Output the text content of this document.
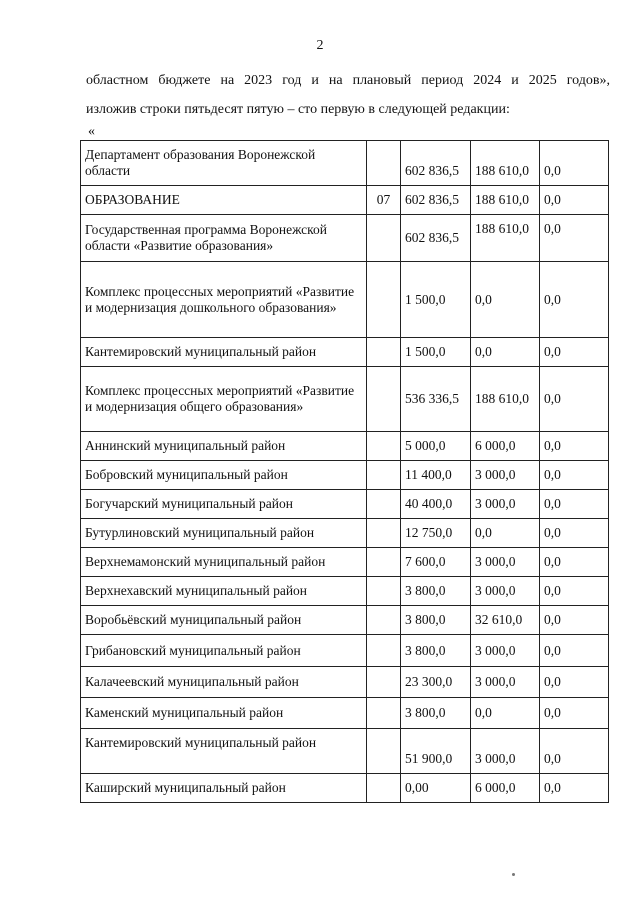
2
областном бюджете на 2023 год и на плановый период 2024 и 2025 годов»,
изложив строки пятьдесят пятую – сто первую в следующей редакции:
«
Департамент образования Воронежской области		602 836,5	188 610,0	0,0
ОБРАЗОВАНИЕ	07	602 836,5	188 610,0	0,0
Государственная программа Воронежской области «Развитие образования»		602 836,5	188 610,0	0,0
Комплекс процессных мероприятий «Развитие и модернизация дошкольного образования»		1 500,0	0,0	0,0
Кантемировский муниципальный район		1 500,0	0,0	0,0
Комплекс процессных мероприятий «Развитие и модернизация общего образования»		536 336,5	188 610,0	0,0
Аннинский муниципальный район		5 000,0	6 000,0	0,0
Бобровский муниципальный район		11 400,0	3 000,0	0,0
Богучарский муниципальный район		40 400,0	3 000,0	0,0
Бутурлиновский муниципальный район		12 750,0	0,0	0,0
Верхнемамонский муниципальный район		7 600,0	3 000,0	0,0
Верхнехавский муниципальный район		3 800,0	3 000,0	0,0
Воробьёвский муниципальный район		3 800,0	32 610,0	0,0
Грибановский муниципальный район		3 800,0	3 000,0	0,0
Калачеевский муниципальный район		23 300,0	3 000,0	0,0
Каменский муниципальный район		3 800,0	0,0	0,0
Кантемировский муниципальный район		51 900,0	3 000,0	0,0
Каширский муниципальный район		0,00	6 000,0	0,0
